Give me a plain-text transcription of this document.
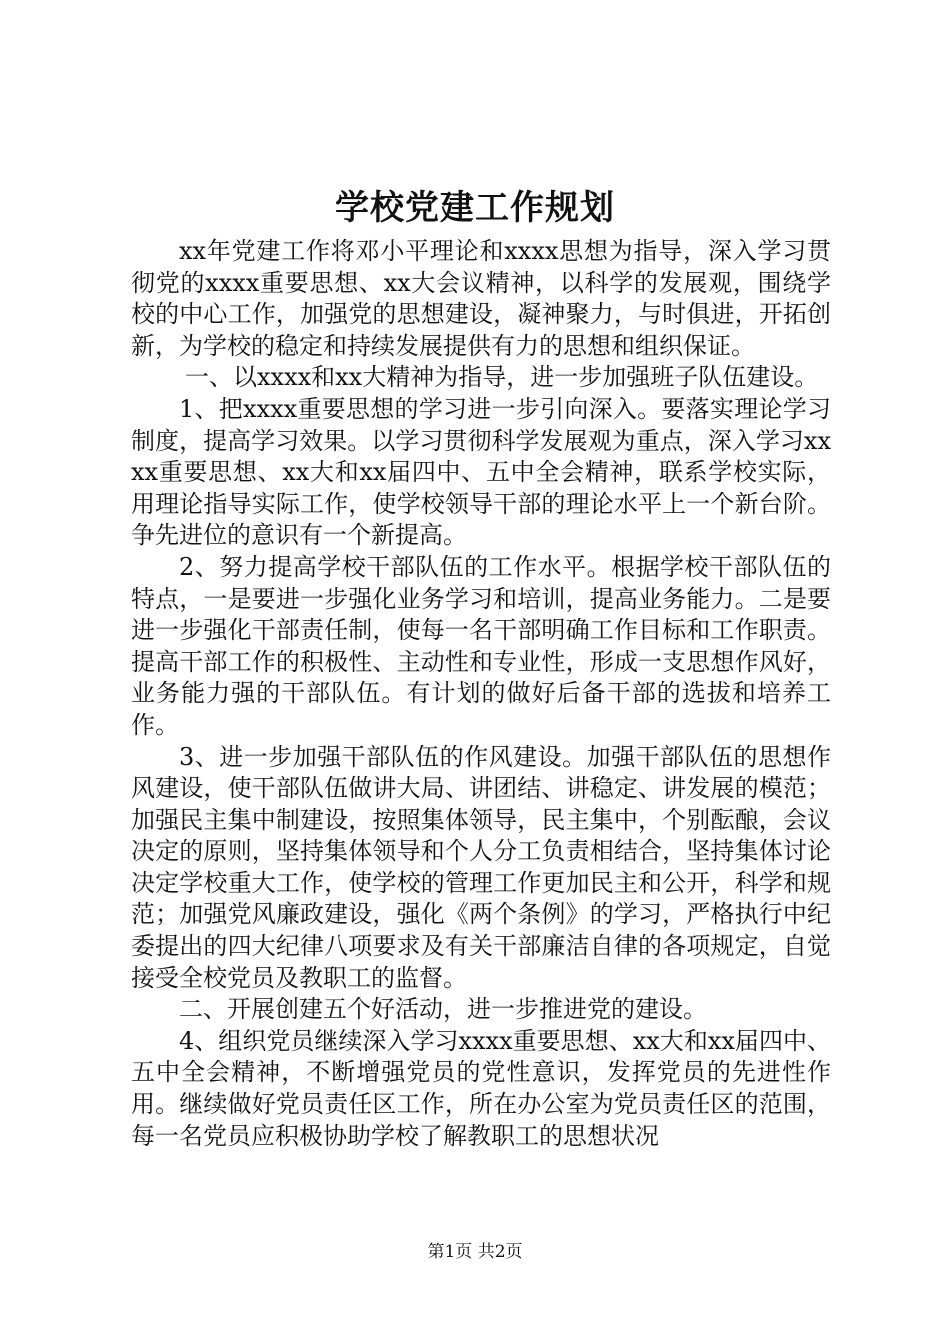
学校党建工作规划

xx年党建工作将邓小平理论和xxxx思想为指导，深入学习贯彻党的xxxx重要思想、xx大会议精神，以科学的发展观，围绕学校的中心工作，加强党的思想建设，凝神聚力，与时俱进，开拓创新，为学校的稳定和持续发展提供有力的思想和组织保证。

一、以xxxx和xx大精神为指导，进一步加强班子队伍建设。

1、把xxxx重要思想的学习进一步引向深入。要落实理论学习制度，提高学习效果。以学习贯彻科学发展观为重点，深入学习xxxx重要思想、xx大和xx届四中、五中全会精神，联系学校实际，用理论指导实际工作，使学校领导干部的理论水平上一个新台阶。争先进位的意识有一个新提高。

2、努力提高学校干部队伍的工作水平。根据学校干部队伍的特点，一是要进一步强化业务学习和培训，提高业务能力。二是要进一步强化干部责任制，使每一名干部明确工作目标和工作职责。提高干部工作的积极性、主动性和专业性，形成一支思想作风好，业务能力强的干部队伍。有计划的做好后备干部的选拔和培养工作。

3、进一步加强干部队伍的作风建设。加强干部队伍的思想作风建设，使干部队伍做讲大局、讲团结、讲稳定、讲发展的模范；加强民主集中制建设，按照集体领导，民主集中，个别酝酿，会议决定的原则，坚持集体领导和个人分工负责相结合，坚持集体讨论决定学校重大工作，使学校的管理工作更加民主和公开，科学和规范；加强党风廉政建设，强化《两个条例》的学习，严格执行中纪委提出的四大纪律八项要求及有关干部廉洁自律的各项规定，自觉接受全校党员及教职工的监督。

二、开展创建五个好活动，进一步推进党的建设。

4、组织党员继续深入学习xxxx重要思想、xx大和xx届四中、五中全会精神，不断增强党员的党性意识，发挥党员的先进性作用。继续做好党员责任区工作，所在办公室为党员责任区的范围，每一名党员应积极协助学校了解教职工的思想状况

第1页 共2页
